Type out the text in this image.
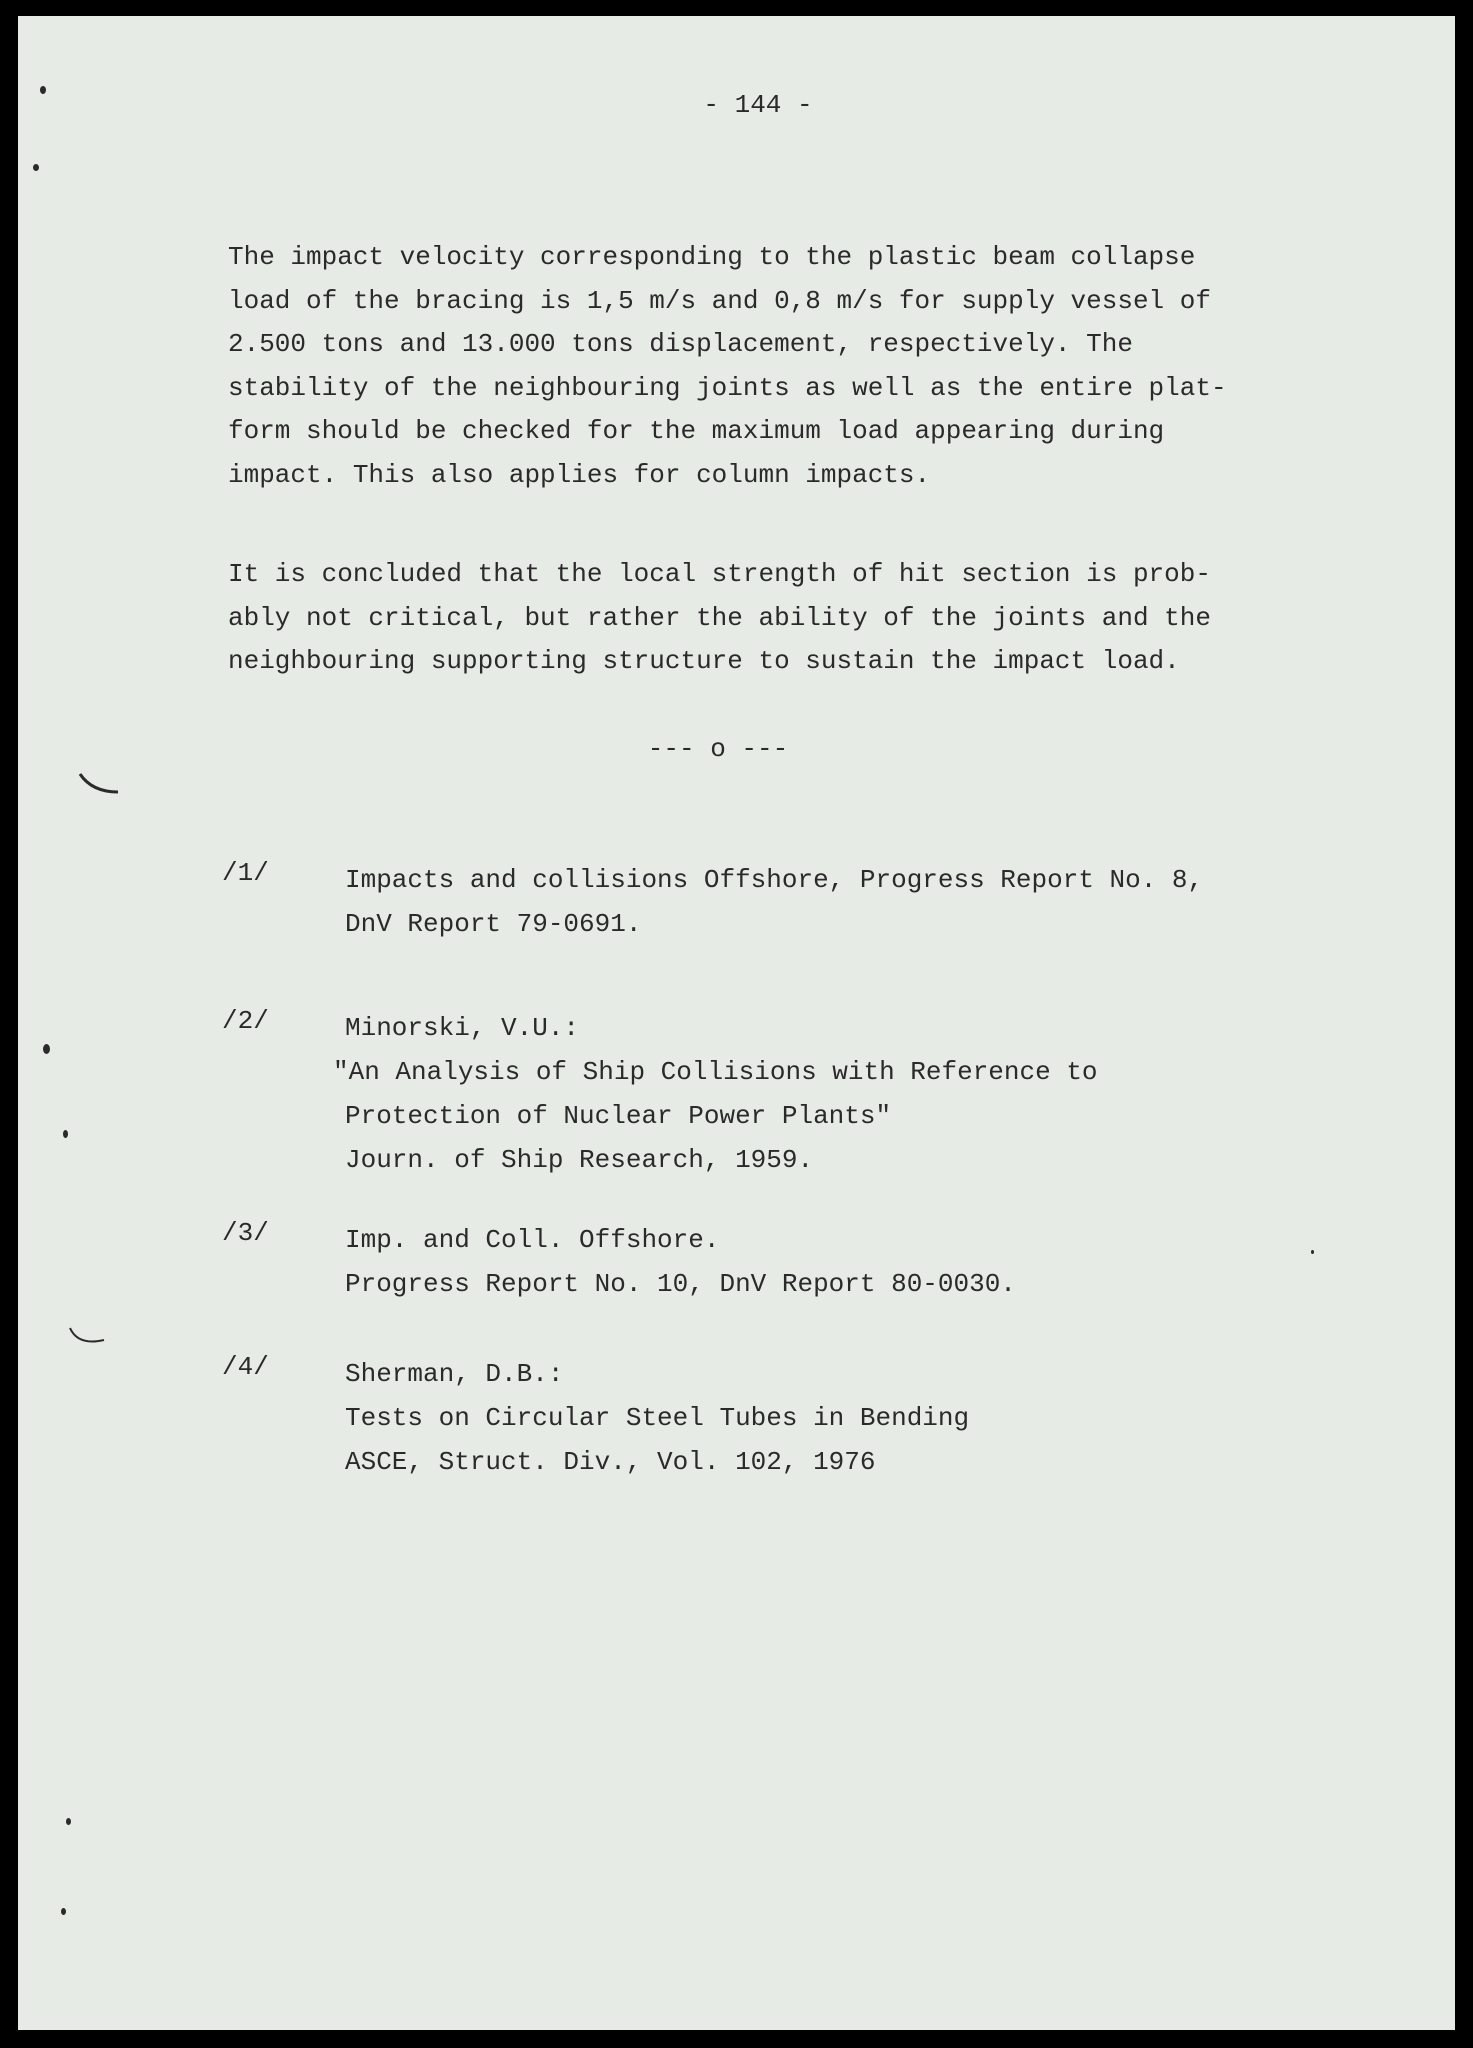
- 144 -

The impact velocity corresponding to the plastic beam collapse
load of the bracing is 1,5 m/s and 0,8 m/s for supply vessel of
2.500 tons and 13.000 tons displacement, respectively. The
stability of the neighbouring joints as well as the entire plat-
form should be checked for the maximum load appearing during
impact. This also applies for column impacts.

It is concluded that the local strength of hit section is prob-
ably not critical, but rather the ability of the joints and the
neighbouring supporting structure to sustain the impact load.

--- o ---

/1/	Impacts and collisions Offshore, Progress Report No. 8,
DnV Report 79-0691.
/2/	Minorski, V.U.:
"An Analysis of Ship Collisions with Reference to
Protection of Nuclear Power Plants"
Journ. of Ship Research, 1959.
/3/	Imp. and Coll. Offshore.
Progress Report No. 10, DnV Report 80-0030.
/4/	Sherman, D.B.:
Tests on Circular Steel Tubes in Bending
ASCE, Struct. Div., Vol. 102, 1976
